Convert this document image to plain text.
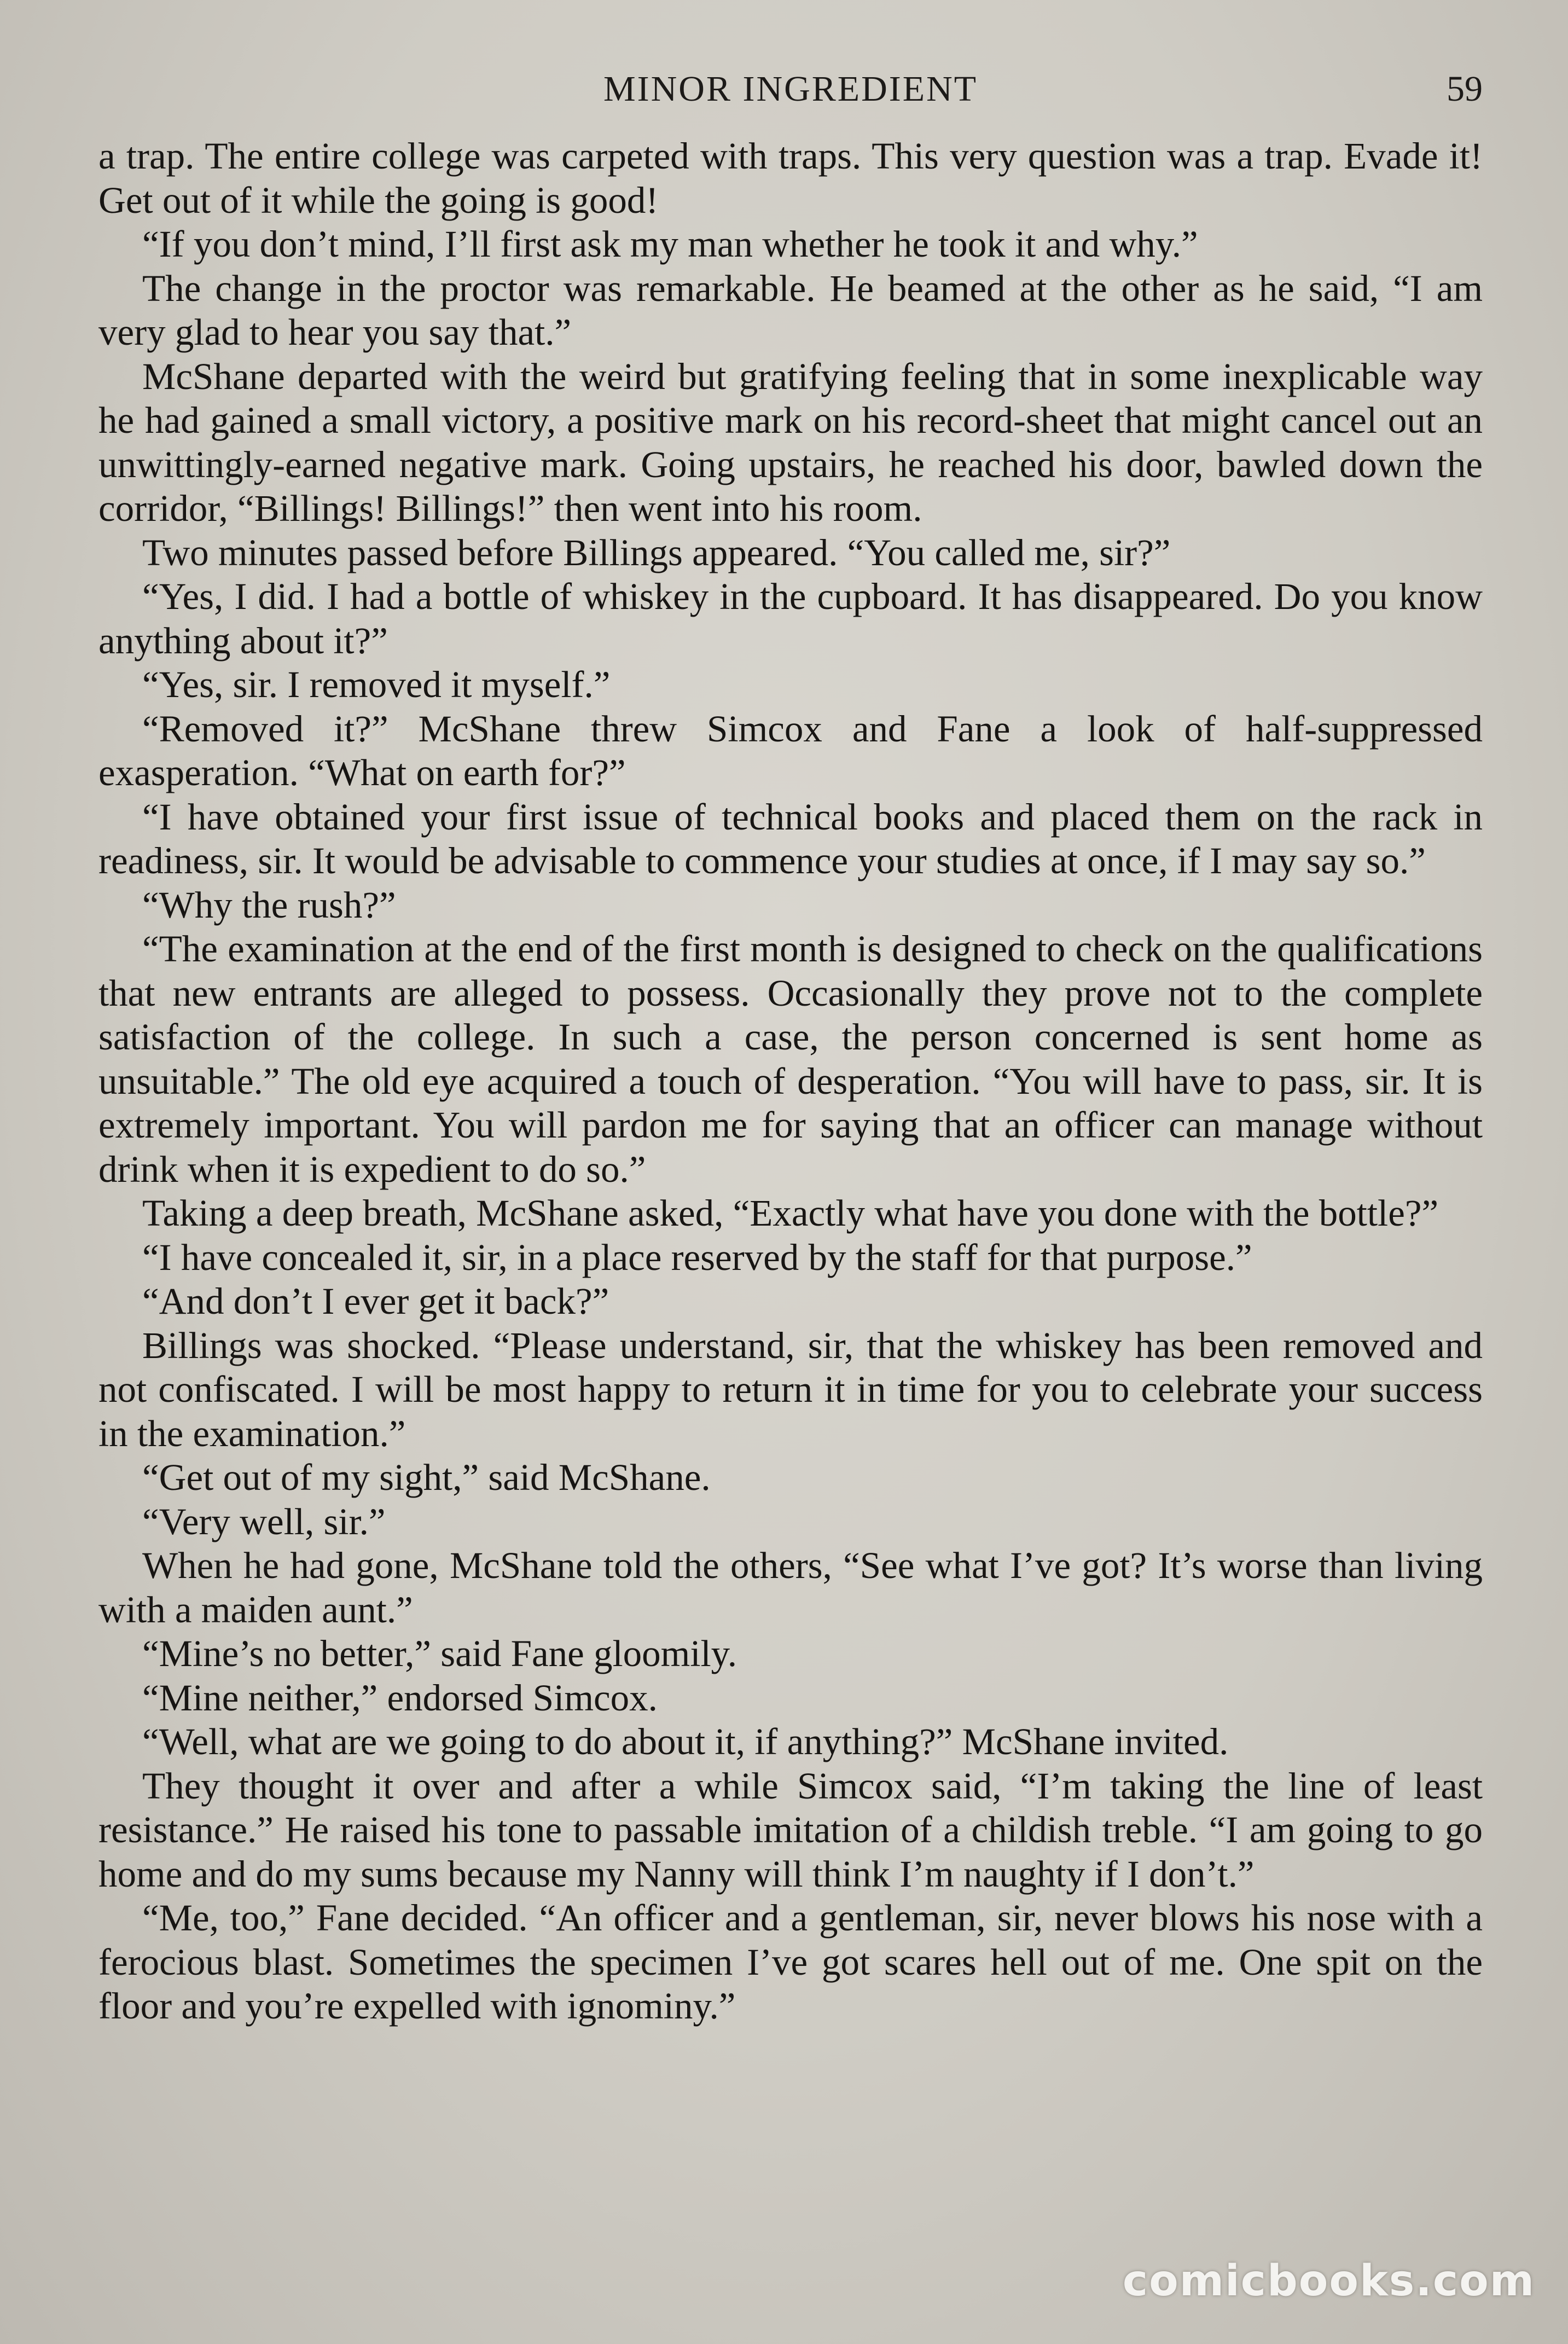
MINOR INGREDIENT	59

a trap. The entire college was carpeted with traps. This very question was a trap. Evade it! Get out of it while the going is good!

“If you don’t mind, I’ll first ask my man whether he took it and why.”

The change in the proctor was remarkable. He beamed at the other as he said, “I am very glad to hear you say that.”

McShane departed with the weird but gratifying feeling that in some inexplicable way he had gained a small victory, a positive mark on his record-sheet that might cancel out an unwittingly-earned negative mark. Going upstairs, he reached his door, bawled down the corridor, “Billings! Billings!” then went into his room.

Two minutes passed before Billings appeared. “You called me, sir?”

“Yes, I did. I had a bottle of whiskey in the cupboard. It has disappeared. Do you know anything about it?”

“Yes, sir. I removed it myself.”

“Removed it?” McShane threw Simcox and Fane a look of half-suppressed exasperation. “What on earth for?”

“I have obtained your first issue of technical books and placed them on the rack in readiness, sir. It would be advisable to commence your studies at once, if I may say so.”

“Why the rush?”

“The examination at the end of the first month is designed to check on the qualifications that new entrants are alleged to possess. Occasionally they prove not to the complete satisfaction of the college. In such a case, the person concerned is sent home as unsuitable.” The old eye acquired a touch of desperation. “You will have to pass, sir. It is extremely important. You will pardon me for saying that an officer can manage without drink when it is expedient to do so.”

Taking a deep breath, McShane asked, “Exactly what have you done with the bottle?”

“I have concealed it, sir, in a place reserved by the staff for that purpose.”

“And don’t I ever get it back?”

Billings was shocked. “Please understand, sir, that the whiskey has been removed and not confiscated. I will be most happy to return it in time for you to celebrate your success in the examination.”

“Get out of my sight,” said McShane.

“Very well, sir.”

When he had gone, McShane told the others, “See what I’ve got? It’s worse than living with a maiden aunt.”

“Mine’s no better,” said Fane gloomily.

“Mine neither,” endorsed Simcox.

“Well, what are we going to do about it, if anything?” McShane invited.

They thought it over and after a while Simcox said, “I’m taking the line of least resistance.” He raised his tone to passable imitation of a childish treble. “I am going to go home and do my sums because my Nanny will think I’m naughty if I don’t.”

“Me, too,” Fane decided. “An officer and a gentleman, sir, never blows his nose with a ferocious blast. Sometimes the specimen I’ve got scares hell out of me. One spit on the floor and you’re expelled with ignominy.”

comicbooks.com
